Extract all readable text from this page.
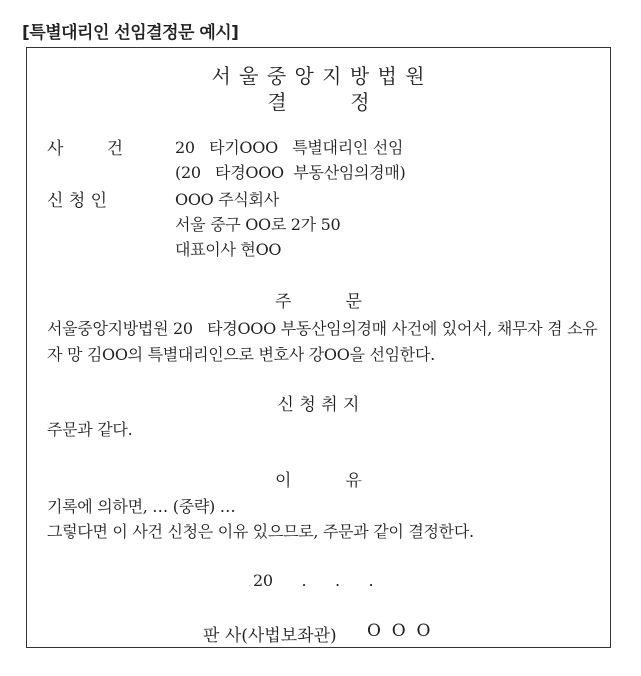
[특별대리인 선임결정문 예시]
서 울 중 앙 지 방 법 원
결          정
사        건	20   타기OOO   특별대리인 선임
(20   타경OOO  부동산임의경매)
신 청 인	OOO 주식회사
서울 중구 OO로 2가 50
대표이사 현OO
주          문
서울중앙지방법원 20   타경OOO 부동산임의경매 사건에 있어서, 채무자 겸 소유
자 망 김OO의 특별대리인으로 변호사 강OO을 선임한다.
신 청 취 지
주문과 같다.
이          유
기록에 의하면, … (중략) …
그렇다면 이 사건 신청은 이유 있으므로, 주문과 같이 결정한다.
20      .      .      .
판 사(사법보좌관) O  O  O
